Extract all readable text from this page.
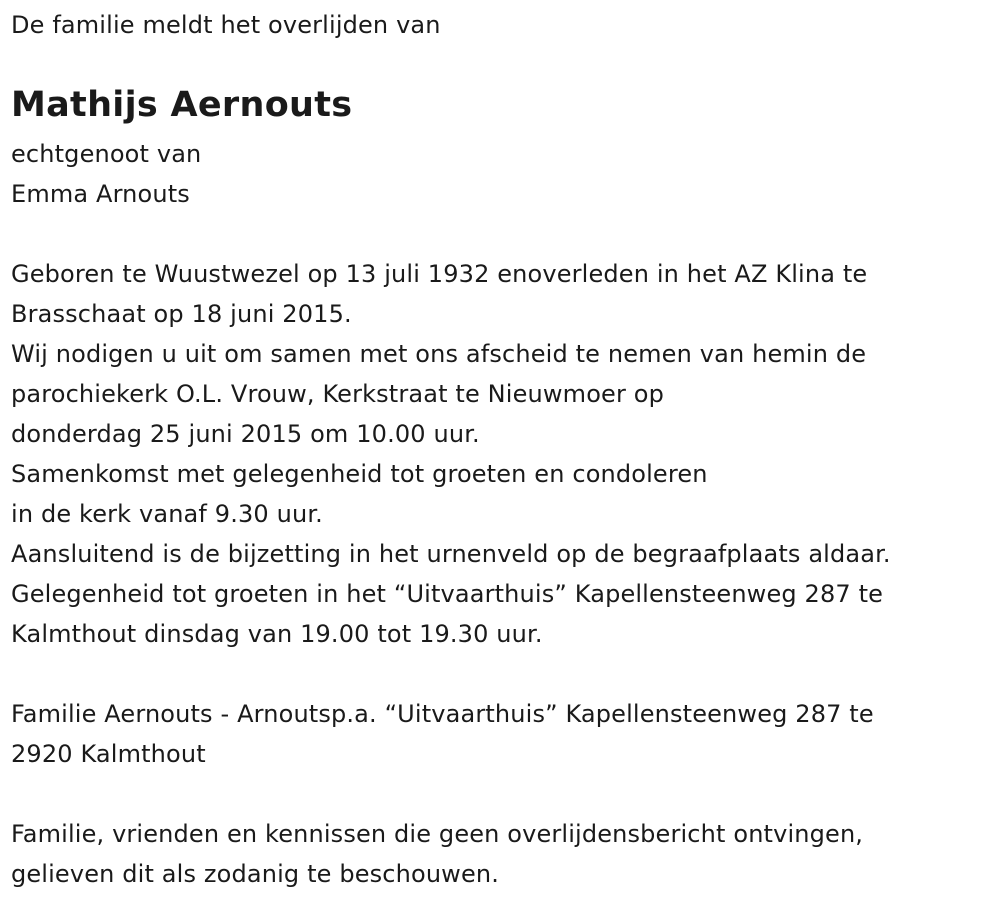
De familie meldt het overlijden van
Mathijs Aernouts
echtgenoot van
Emma Arnouts
Geboren te Wuustwezel op 13 juli 1932 enoverleden in het AZ Klina te
Brasschaat op 18 juni 2015.
Wij nodigen u uit om samen met ons afscheid te nemen van hemin de
parochiekerk O.L. Vrouw, Kerkstraat te Nieuwmoer op
donderdag 25 juni 2015 om 10.00 uur.
Samenkomst met gelegenheid tot groeten en condoleren
in de kerk vanaf 9.30 uur.
Aansluitend is de bijzetting in het urnenveld op de begraafplaats aldaar.
Gelegenheid tot groeten in het “Uitvaarthuis” Kapellensteenweg 287 te
Kalmthout dinsdag van 19.00 tot 19.30 uur.
Familie Aernouts - Arnoutsp.a. “Uitvaarthuis” Kapellensteenweg 287 te
2920 Kalmthout
Familie, vrienden en kennissen die geen overlijdensbericht ontvingen,
gelieven dit als zodanig te beschouwen.
